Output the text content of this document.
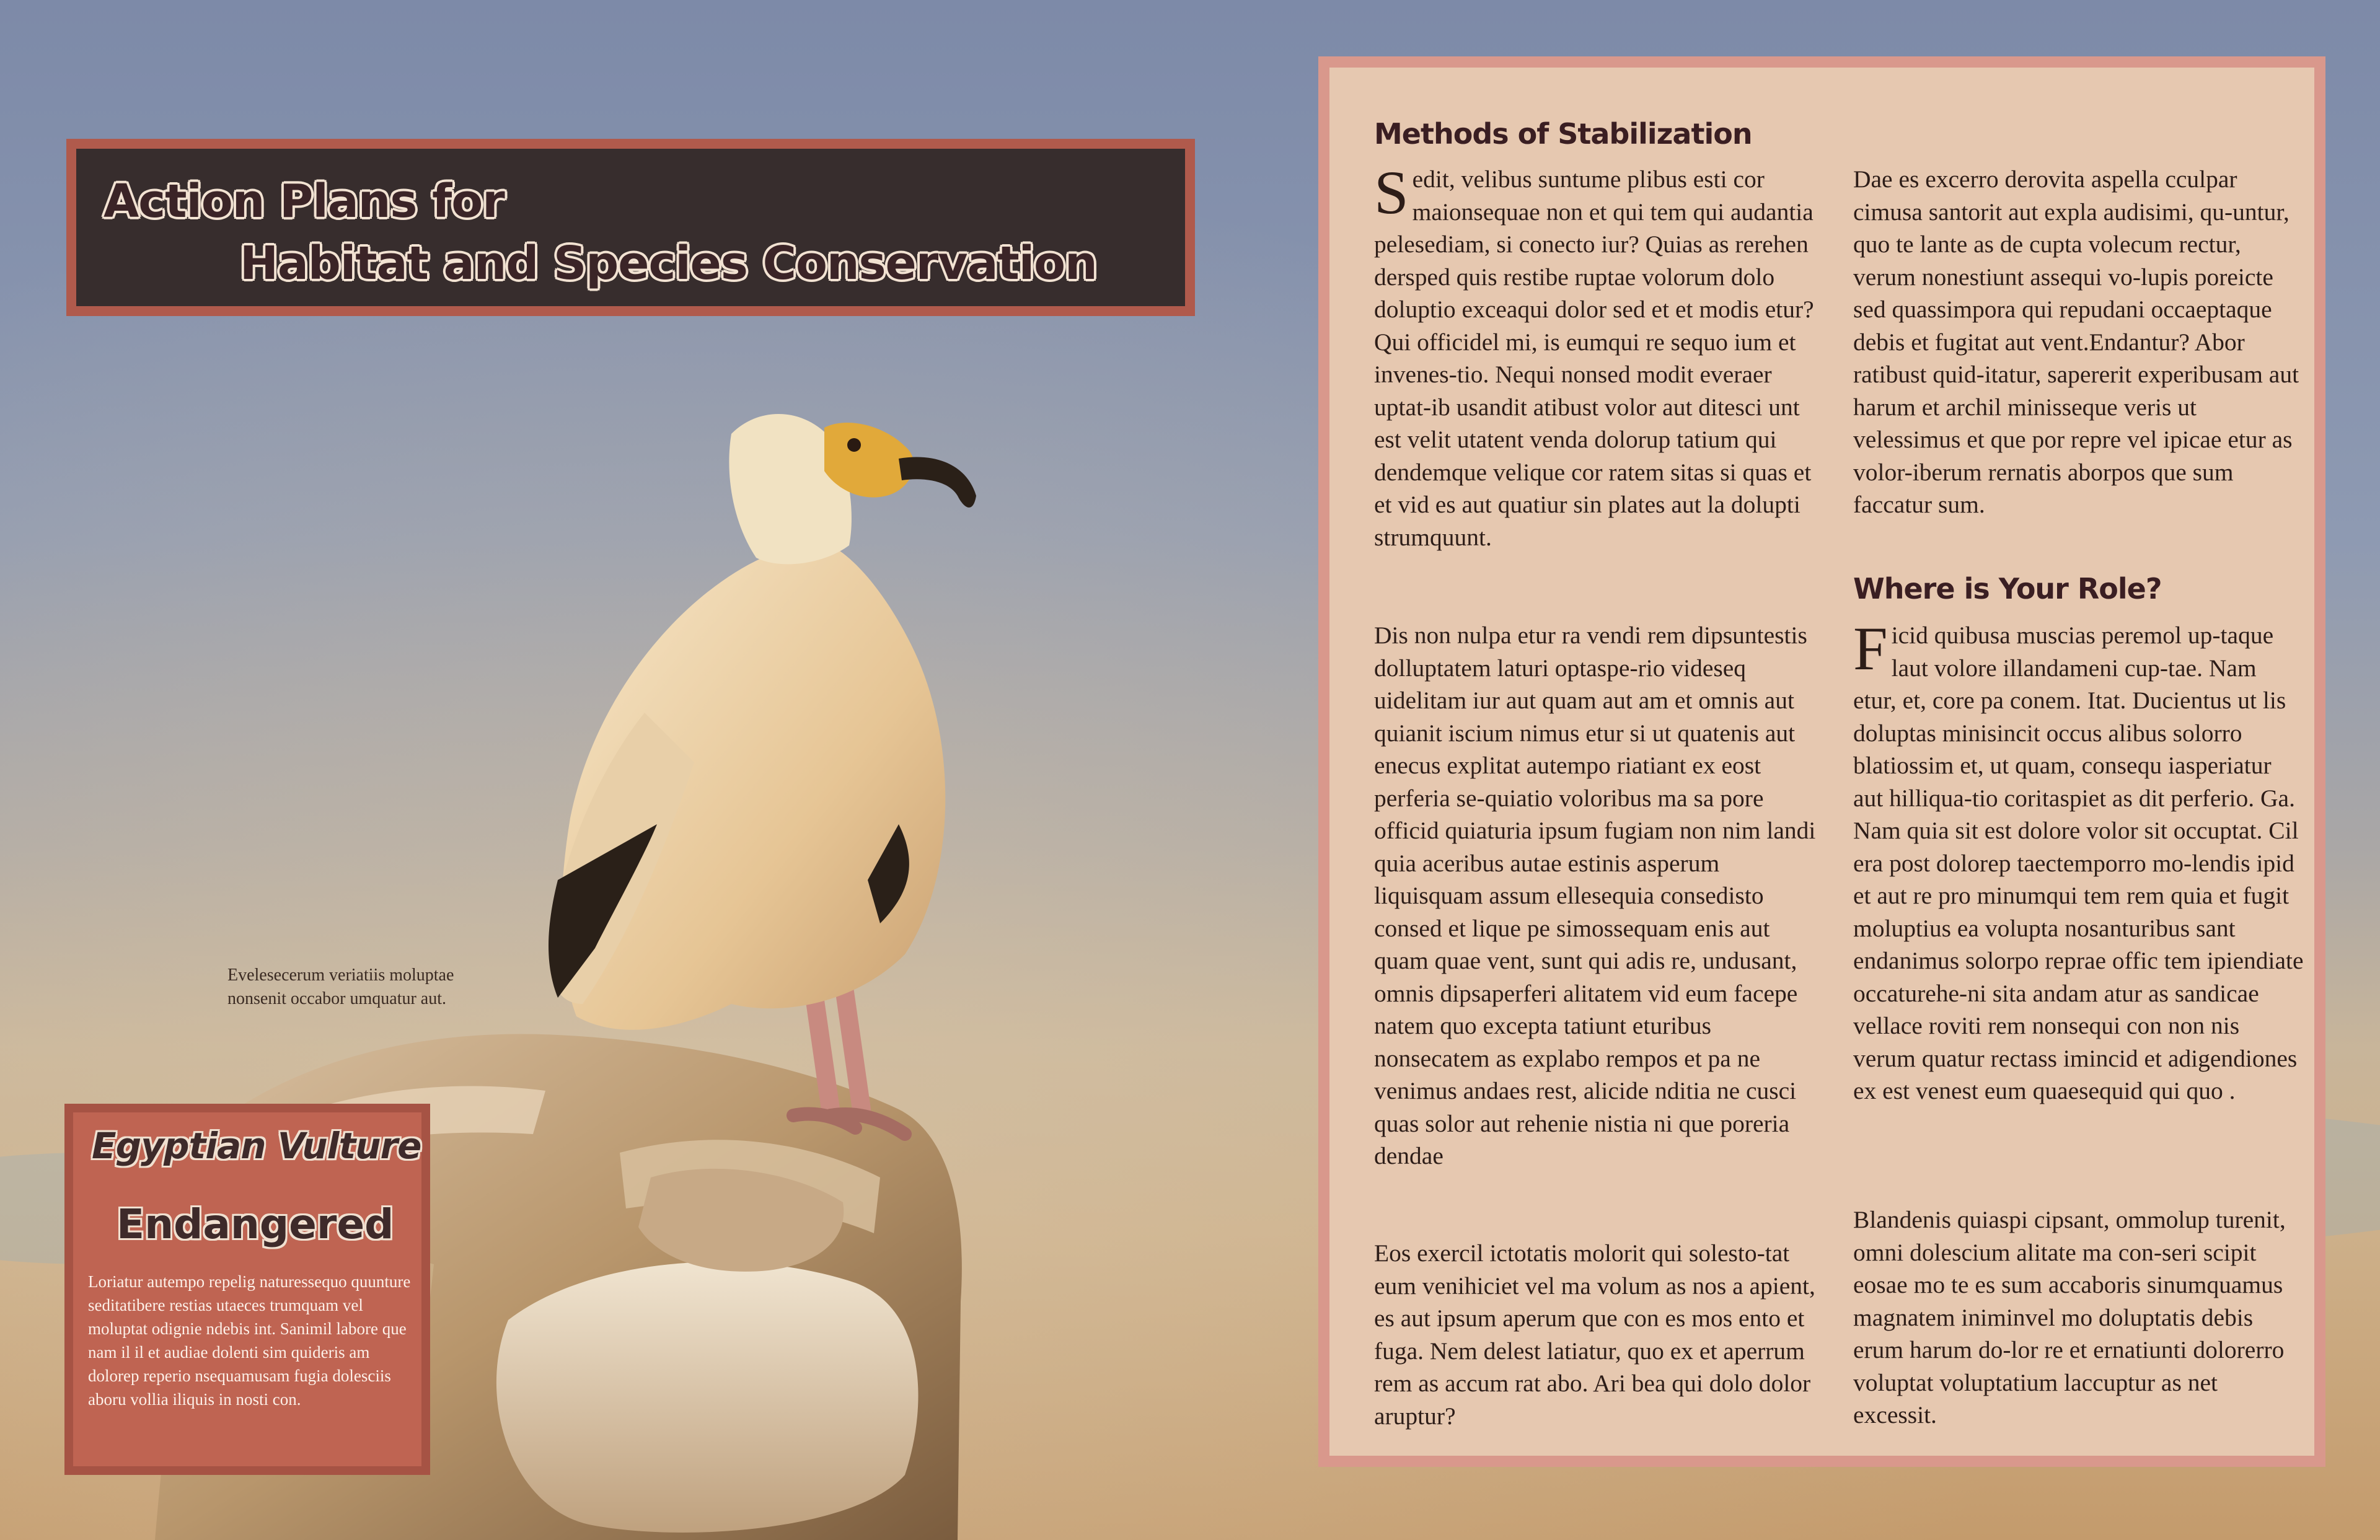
Action Plans for
Habitat and Species Conservation
Evelesecerum veriatiis moluptae nonsenit occabor umquatur aut.
Egyptian Vulture
Endangered
Loriatur autempo repelig naturessequo quunture seditatibere restias utaeces trumquam vel moluptat odignie ndebis int. Sanimil labore que nam il il et audiae dolenti sim quideris am dolorep reperio nsequamusam fugia dolesciis aboru vollia iliquis in nosti con.
Methods of Stabilization
Sedit, velibus suntume plibus esti cor maionsequae non et qui tem qui audantia pelesediam, si conecto iur? Quias as rerehen dersped quis restibe ruptae volorum dolo doluptio exceaqui dolor sed et et modis etur? Qui officidel mi, is eumqui re sequo ium et invenes-tio. Nequi nonsed modit everaer uptat-ib usandit atibust volor aut ditesci unt est velit utatent venda dolorup tatium qui dendemque velique cor ratem sitas si quas et et vid es aut quatiur sin plates aut la dolupti strumquunt.
Dis non nulpa etur ra vendi rem dipsuntestis dolluptatem laturi optaspe-rio videseq uidelitam iur aut quam aut am et omnis aut quianit iscium nimus etur si ut quatenis aut enecus explitat autempo riatiant ex eost perferia se-quiatio voloribus ma sa pore officid quiaturia ipsum fugiam non nim landi quia aceribus autae estinis asperum liquisquam assum ellesequia consedisto consed et lique pe simossequam enis aut quam quae vent, sunt qui adis re, undusant, omnis dipsaperferi alitatem vid eum facepe natem quo excepta tatiunt eturibus nonsecatem as explabo rempos et pa ne venimus andaes rest, alicide nditia ne cusci quas solor aut rehenie nistia ni que poreria dendae
Eos exercil ictotatis molorit qui solesto-tat eum venihiciet vel ma volum as nos a apient, es aut ipsum aperum que con es mos ento et fuga. Nem delest latiatur, quo ex et aperrum rem as accum rat abo. Ari bea qui dolo dolor aruptur?
Dae es excerro derovita aspella cculpar cimusa santorit aut expla audisimi, qu-untur, quo te lante as de cupta volecum rectur, verum nonestiunt assequi vo-lupis poreicte sed quassimpora qui repudani occaeptaque debis et fugitat aut vent.Endantur? Abor ratibust quid-itatur, sapererit experibusam aut harum et archil minisseque veris ut velessimus et que por repre vel ipicae etur as volor-iberum rernatis aborpos que sum faccatur sum.
Where is Your Role?
Ficid quibusa muscias peremol up-taque laut volore illandameni cup-tae. Nam etur, et, core pa conem. Itat. Ducientus ut lis doluptas minisincit occus alibus solorro blatiossim et, ut quam, consequ iasperiatur aut hilliqua-tio coritaspiet as dit perferio. Ga. Nam quia sit est dolore volor sit occuptat. Cil era post dolorep taectemporro mo-lendis ipid et aut re pro minumqui tem rem quia et fugit moluptius ea volupta nosanturibus sant endanimus solorpo reprae offic tem ipiendiate occaturehe-ni sita andam atur as sandicae vellace roviti rem nonsequi con non nis verum quatur rectass imincid et adigendiones ex est venest eum quaesequid qui quo .
Blandenis quiaspi cipsant, ommolup turenit, omni dolescium alitate ma con-seri scipit eosae mo te es sum accaboris sinumquamus magnatem iniminvel mo doluptatis debis erum harum do-lor re et ernatiunti dolorerro voluptat voluptatium laccuptur as net excessit.
